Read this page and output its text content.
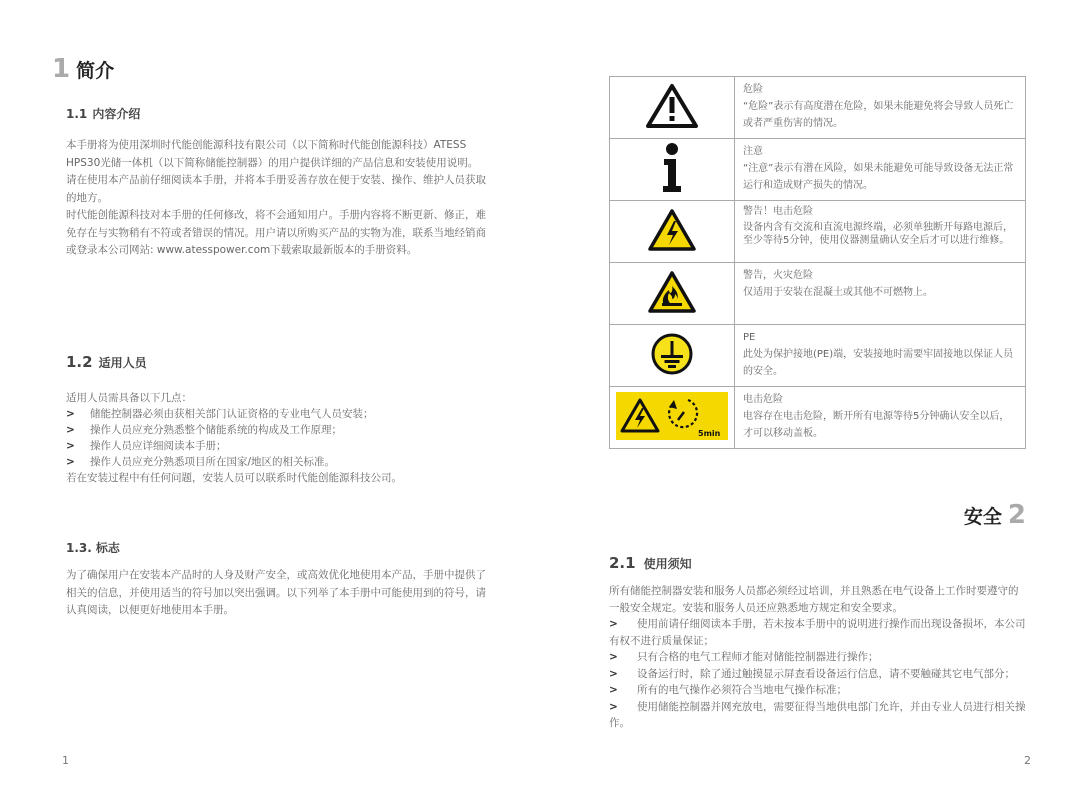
1 简介
1.1 内容介绍
本手册将为使用深圳时代能创能源科技有限公司（以下简称时代能创能源科技）ATESS HPS30光储一体机（以下简称储能控制器）的用户提供详细的产品信息和安装使用说明。
请在使用本产品前仔细阅读本手册，并将本手册妥善存放在便于安装、操作、维护人员获取的地方。
时代能创能源科技对本手册的任何修改，将不会通知用户。手册内容将不断更新、修正，难免存在与实物稍有不符或者错误的情况。用户请以所购买产品的实物为准，联系当地经销商或登录本公司网站: www.atesspower.com下载索取最新版本的手册资料。
1.2 适用人员
适用人员需具备以下几点：
>	储能控制器必须由获相关部门认证资格的专业电气人员安装；
>	操作人员应充分熟悉整个储能系统的构成及工作原理；
>	操作人员应详细阅读本手册；
>	操作人员应充分熟悉项目所在国家/地区的相关标准。
若在安装过程中有任何问题，安装人员可以联系时代能创能源科技公司。
1.3. 标志
为了确保用户在安装本产品时的人身及财产安全，或高效优化地使用本产品，手册中提供了相关的信息，并使用适当的符号加以突出强调。以下列举了本手册中可能使用到的符号，请认真阅读，以便更好地使用本手册。
1

危险
“危险”表示有高度潜在危险，如果未能避免将会导致人员死亡或者严重伤害的情况。

注意
“注意”表示有潜在风险，如果未能避免可能导致设备无法正常运行和造成财产损失的情况。

警告！电击危险
设备内含有交流和直流电源终端，必须单独断开每路电源后，至少等待5分钟，使用仪器测量确认安全后才可以进行维修。

警告，火灾危险
仅适用于安装在混凝土或其他不可燃物上。

PE
此处为保护接地(PE)端，安装接地时需要牢固接地以保证人员的安全。

5min	电击危险
电容存在电击危险，断开所有电源等待5分钟确认安全以后，才可以移动盖板。
安全 2
2.1 使用须知
所有储能控制器安装和服务人员都必须经过培训，并且熟悉在电气设备上工作时要遵守的一般安全规定。安装和服务人员还应熟悉地方规定和安全要求。
> 使用前请仔细阅读本手册，若未按本手册中的说明进行操作而出现设备损坏，本公司有权不进行质量保证；
> 只有合格的电气工程师才能对储能控制器进行操作；
> 设备运行时，除了通过触摸显示屏查看设备运行信息，请不要触碰其它电气部分；
> 所有的电气操作必须符合当地电气操作标准；
> 使用储能控制器并网充放电，需要征得当地供电部门允许，并由专业人员进行相关操作。
2
